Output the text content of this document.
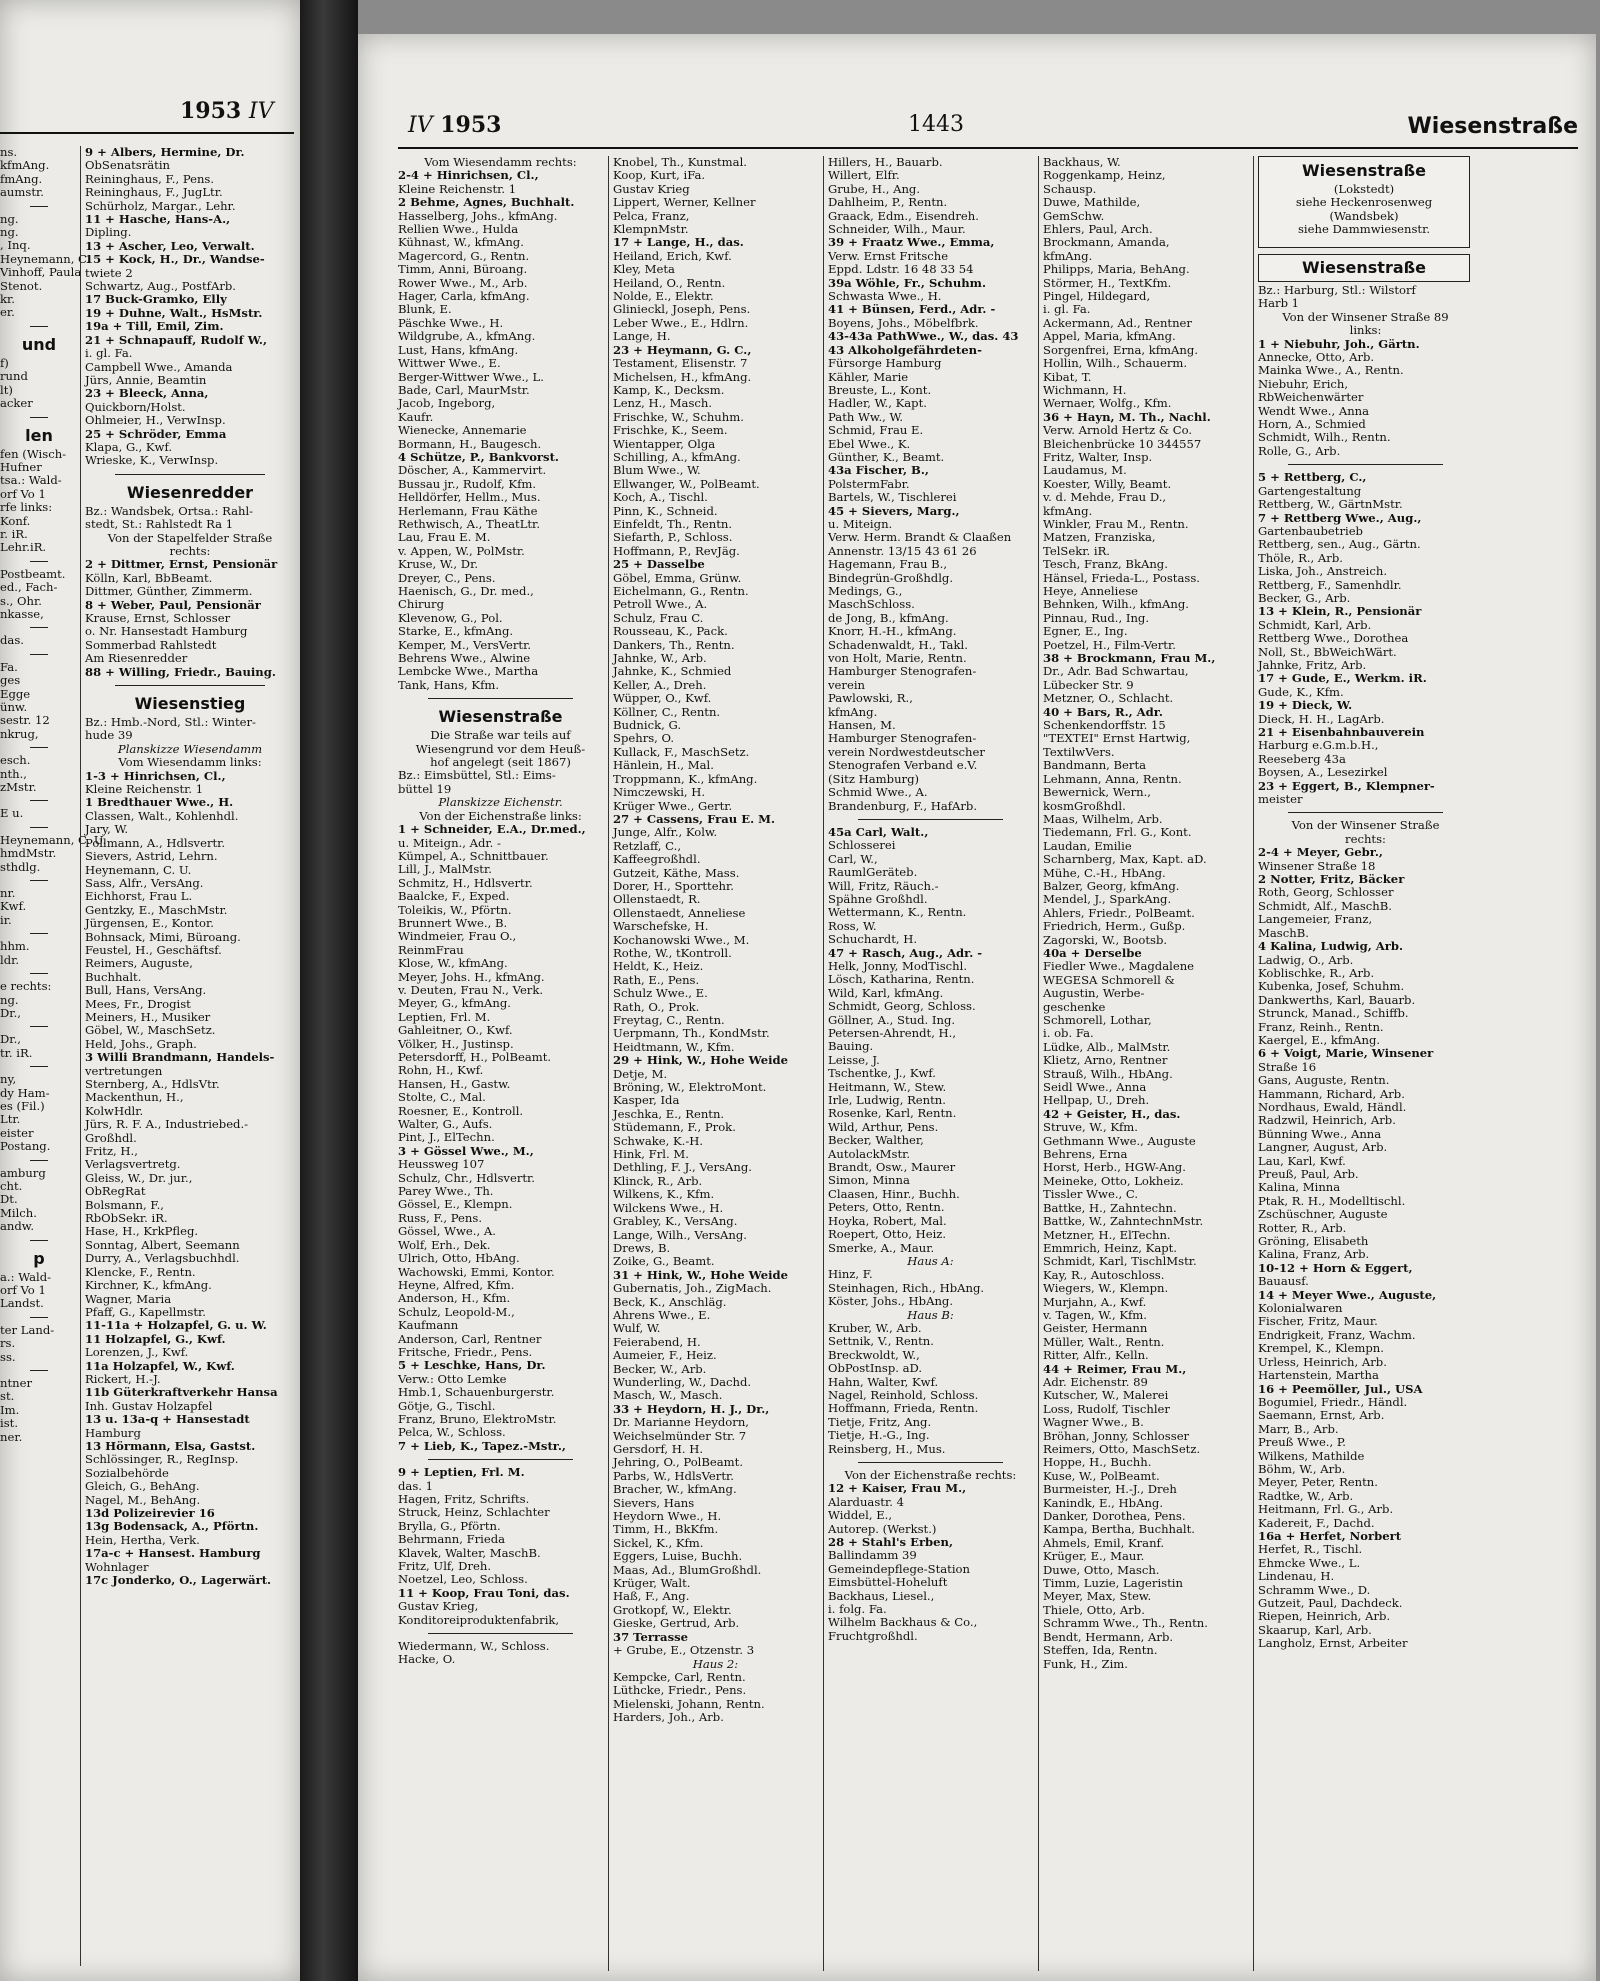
1953 IV
ns.
kfmAng.
fmAng.
aumstr.
ng.
ng.
, Inq.
Heynemann, C.
Vinhoff, Paula
Stenot.
kr.
er.
und
f)
rund
lt)
acker
len
fen (Wisch-
Hufner
tsa.: Wald-
orf Vo 1
rfe links:
Konf.
r. iR.
Lehr.iR.
Postbeamt.
ed., Fach-
s., Ohr.
nkasse,
das.
Fa.
ges
Egge
ünw.
sestr. 12
nkrug,
esch.
nth.,
zMstr.
E u.
Heynemann, C. U.
hmdMstr.
sthdlg.
nr.
Kwf.
ir.
hhm.
ldr.
e rechts:
ng.
Dr.,
Dr.,
tr. iR.
ny,
dy Ham-
es (Fil.)
Ltr.
eister
Postang.
amburg
cht.
Dt.
Milch.
andw.
p
a.: Wald-
orf Vo 1
Landst.
ter Land-
rs.
ss.
ntner
st.
Im.
ist.
ner.
9 + Albers, Hermine, Dr.
ObSenatsrätin
Reininghaus, F., Pens.
Reininghaus, F., JugLtr.
Schürholz, Margar., Lehr.
11 + Hasche, Hans-A.,
Dipling.
13 + Ascher, Leo, Verwalt.
15 + Kock, H., Dr., Wandse-
twiete 2
Schwartz, Aug., PostfArb.
17 Buck-Gramko, Elly
19 + Duhne, Walt., HsMstr.
19a + Till, Emil, Zim.
21 + Schnapauff, Rudolf W.,
i. gl. Fa.
Campbell Wwe., Amanda
Jürs, Annie, Beamtin
23 + Bleeck, Anna,
Quickborn/Holst.
Ohlmeier, H., VerwInsp.
25 + Schröder, Emma
Klapa, G., Kwf.
Wrieske, K., VerwInsp.
Wiesenredder
Bz.: Wandsbek, Ortsa.: Rahl-
stedt, St.: Rahlstedt Ra 1
Von der Stapelfelder Straße
rechts:
2 + Dittmer, Ernst, Pensionär
Kölln, Karl, BbBeamt.
Dittmer, Günther, Zimmerm.
8 + Weber, Paul, Pensionär
Krause, Ernst, Schlosser
o. Nr. Hansestadt Hamburg
Sommerbad Rahlstedt
Am Riesenredder
88 + Willing, Friedr., Bauing.
Wiesenstieg
Bz.: Hmb.-Nord, Stl.: Winter-
hude 39
Planskizze Wiesendamm
Vom Wiesendamm links:
1-3 + Hinrichsen, Cl.,
Kleine Reichenstr. 1
1 Bredthauer Wwe., H.
Classen, Walt., Kohlenhdl.
Jary, W.
Pollmann, A., Hdlsvertr.
Sievers, Astrid, Lehrn.
Heynemann, C. U.
Sass, Alfr., VersAng.
Eichhorst, Frau L.
Gentzky, E., MaschMstr.
Jürgensen, E., Kontor.
Bohnsack, Mimi, Büroang.
Feustel, H., Geschäftsf.
Reimers, Auguste,
Buchhalt.
Bull, Hans, VersAng.
Mees, Fr., Drogist
Meiners, H., Musiker
Göbel, W., MaschSetz.
Held, Johs., Graph.
3 Willi Brandmann, Handels-
vertretungen
Sternberg, A., HdlsVtr.
Mackenthun, H.,
KolwHdlr.
Jürs, R. F. A., Industriebed.-
Großhdl.
Fritz, H.,
Verlagsvertretg.
Gleiss, W., Dr. jur.,
ObRegRat
Bolsmann, F.,
RbObSekr. iR.
Hase, H., KrkPfleg.
Sonntag, Albert, Seemann
Durry, A., Verlagsbuchhdl.
Klencke, F., Rentn.
Kirchner, K., kfmAng.
Wagner, Maria
Pfaff, G., Kapellmstr.
11-11a + Holzapfel, G. u. W.
11 Holzapfel, G., Kwf.
Lorenzen, J., Kwf.
11a Holzapfel, W., Kwf.
Rickert, H.-J.
11b Güterkraftverkehr Hansa
Inh. Gustav Holzapfel
13 u. 13a-q + Hansestadt
Hamburg
13 Hörmann, Elsa, Gastst.
Schlössinger, R., RegInsp.
Sozialbehörde
Gleich, G., BehAng.
Nagel, M., BehAng.
13d Polizeirevier 16
13g Bodensack, A., Pförtn.
Hein, Hertha, Verk.
17a-c + Hansest. Hamburg
Wohnlager
17c Jonderko, O., Lagerwärt.
IV 1953	1443	Wiesenstraße
Vom Wiesendamm rechts:
2-4 + Hinrichsen, Cl.,
Kleine Reichenstr. 1
2 Behme, Agnes, Buchhalt.
Hasselberg, Johs., kfmAng.
Rellien Wwe., Hulda
Kühnast, W., kfmAng.
Magercord, G., Rentn.
Timm, Anni, Büroang.
Rower Wwe., M., Arb.
Hager, Carla, kfmAng.
Blunk, E.
Päschke Wwe., H.
Wildgrube, A., kfmAng.
Lust, Hans, kfmAng.
Wittwer Wwe., E.
Berger-Wittwer Wwe., L.
Bade, Carl, MaurMstr.
Jacob, Ingeborg,
Kaufr.
Wienecke, Annemarie
Bormann, H., Baugesch.
4 Schütze, P., Bankvorst.
Döscher, A., Kammervirt.
Bussau jr., Rudolf, Kfm.
Helldörfer, Hellm., Mus.
Herlemann, Frau Käthe
Rethwisch, A., TheatLtr.
Lau, Frau E. M.
v. Appen, W., PolMstr.
Kruse, W., Dr.
Dreyer, C., Pens.
Haenisch, G., Dr. med.,
Chirurg
Klevenow, G., Pol.
Starke, E., kfmAng.
Kemper, M., VersVertr.
Behrens Wwe., Alwine
Lembcke Wwe., Martha
Tank, Hans, Kfm.
Wiesenstraße
Die Straße war teils auf
Wiesengrund vor dem Heuß-
hof angelegt (seit 1867)
Bz.: Eimsbüttel, Stl.: Eims-
büttel 19
Planskizze Eichenstr.
Von der Eichenstraße links:
1 + Schneider, E.A., Dr.med.,
u. Miteign., Adr. -
Kümpel, A., Schnittbauer.
Lill, J., MalMstr.
Schmitz, H., Hdlsvertr.
Baalcke, F., Exped.
Toleikis, W., Pförtn.
Brunnert Wwe., B.
Windmeier, Frau O.,
ReinmFrau
Klose, W., kfmAng.
Meyer, Johs. H., kfmAng.
v. Deuten, Frau N., Verk.
Meyer, G., kfmAng.
Leptien, Frl. M.
Gahleitner, O., Kwf.
Völker, H., Justinsp.
Petersdorff, H., PolBeamt.
Rohn, H., Kwf.
Hansen, H., Gastw.
Stolte, C., Mal.
Roesner, E., Kontroll.
Walter, G., Aufs.
Pint, J., ElTechn.
3 + Gössel Wwe., M.,
Heussweg 107
Schulz, Chr., Hdlsvertr.
Parey Wwe., Th.
Gössel, E., Klempn.
Russ, F., Pens.
Gössel, Wwe., A.
Wolf, Erh., Dek.
Ulrich, Otto, HbAng.
Wachowski, Emmi, Kontor.
Heyne, Alfred, Kfm.
Anderson, H., Kfm.
Schulz, Leopold-M.,
Kaufmann
Anderson, Carl, Rentner
Fritsche, Friedr., Pens.
5 + Leschke, Hans, Dr.
Verw.: Otto Lemke
Hmb.1, Schauenburgerstr.
Götje, G., Tischl.
Franz, Bruno, ElektroMstr.
Pelca, W., Schloss.
7 + Lieb, K., Tapez.-Mstr.,
9 + Leptien, Frl. M.
das. 1
Hagen, Fritz, Schrifts.
Struck, Heinz, Schlachter
Brylla, G., Pförtn.
Behrmann, Frieda
Klavek, Walter, MaschB.
Fritz, Ulf, Dreh.
Noetzel, Leo, Schloss.
11 + Koop, Frau Toni, das.
Gustav Krieg,
Konditoreiproduktenfabrik,
Wiedermann, W., Schloss.
Hacke, O.
Knobel, Th., Kunstmal.
Koop, Kurt, iFa.
Gustav Krieg
Lippert, Werner, Kellner
Pelca, Franz,
KlempnMstr.
17 + Lange, H., das.
Heiland, Erich, Kwf.
Kley, Meta
Heiland, O., Rentn.
Nolde, E., Elektr.
Glinieckl, Joseph, Pens.
Leber Wwe., E., Hdlrn.
Lange, H.
23 + Heymann, G. C.,
Testament, Elisenstr. 7
Michelsen, H., kfmAng.
Kamp, K., Decksm.
Lenz, H., Masch.
Frischke, W., Schuhm.
Frischke, K., Seem.
Wientapper, Olga
Schilling, A., kfmAng.
Blum Wwe., W.
Ellwanger, W., PolBeamt.
Koch, A., Tischl.
Pinn, K., Schneid.
Einfeldt, Th., Rentn.
Siefarth, P., Schloss.
Hoffmann, P., RevJäg.
25 + Dasselbe
Göbel, Emma, Grünw.
Eichelmann, G., Rentn.
Petroll Wwe., A.
Schulz, Frau C.
Rousseau, K., Pack.
Dankers, Th., Rentn.
Jahnke, W., Arb.
Jahnke, K., Schmied
Keller, A., Dreh.
Wüpper, O., Kwf.
Köllner, C., Rentn.
Budnick, G.
Spehrs, O.
Kullack, F., MaschSetz.
Hänlein, H., Mal.
Troppmann, K., kfmAng.
Nimczewski, H.
Krüger Wwe., Gertr.
27 + Cassens, Frau E. M.
Junge, Alfr., Kolw.
Retzlaff, C.,
Kaffeegroßhdl.
Gutzeit, Käthe, Mass.
Dorer, H., Sporttehr.
Ollenstaedt, R.
Ollenstaedt, Anneliese
Warschefske, H.
Kochanowski Wwe., M.
Rothe, W., tKontroll.
Heldt, K., Heiz.
Rath, E., Pens.
Schulz Wwe., E.
Rath, O., Prok.
Freytag, C., Rentn.
Uerpmann, Th., KondMstr.
Heidtmann, W., Kfm.
29 + Hink, W., Hohe Weide
Detje, M.
Bröning, W., ElektroMont.
Kasper, Ida
Jeschka, E., Rentn.
Stüdemann, F., Prok.
Schwake, K.-H.
Hink, Frl. M.
Dethling, F. J., VersAng.
Klinck, R., Arb.
Wilkens, K., Kfm.
Wilckens Wwe., H.
Grabley, K., VersAng.
Lange, Wilh., VersAng.
Drews, B.
Zoike, G., Beamt.
31 + Hink, W., Hohe Weide
Gubernatis, Joh., ZigMach.
Beck, K., Anschläg.
Ahrens Wwe., E.
Wulf, W.
Feierabend, H.
Aumeier, F., Heiz.
Becker, W., Arb.
Wunderling, W., Dachd.
Masch, W., Masch.
33 + Heydorn, H. J., Dr.,
Dr. Marianne Heydorn,
Weichselmünder Str. 7
Gersdorf, H. H.
Jehring, O., PolBeamt.
Parbs, W., HdlsVertr.
Bracher, W., kfmAng.
Sievers, Hans
Heydorn Wwe., H.
Timm, H., BkKfm.
Sickel, K., Kfm.
Eggers, Luise, Buchh.
Maas, Ad., BlumGroßhdl.
Krüger, Walt.
Haß, F., Ang.
Grotkopf, W., Elektr.
Gieske, Gertrud, Arb.
37 Terrasse
+ Grube, E., Otzenstr. 3
Haus 2:
Kempcke, Carl, Rentn.
Lüthcke, Friedr., Pens.
Mielenski, Johann, Rentn.
Harders, Joh., Arb.
Hillers, H., Bauarb.
Willert, Elfr.
Grube, H., Ang.
Dahlheim, P., Rentn.
Graack, Edm., Eisendreh.
Schneider, Wilh., Maur.
39 + Fraatz Wwe., Emma,
Verw. Ernst Fritsche
Eppd. Ldstr. 16 48 33 54
39a Wöhle, Fr., Schuhm.
Schwasta Wwe., H.
41 + Bünsen, Ferd., Adr. -
Boyens, Johs., Möbelfbrk.
43-43a PathWwe., W., das. 43
43 Alkoholgefährdeten-
Fürsorge Hamburg
Kähler, Marie
Breuste, L., Kont.
Hadler, W., Kapt.
Path Ww., W.
Schmid, Frau E.
Ebel Wwe., K.
Günther, K., Beamt.
43a Fischer, B.,
PolstermFabr.
Bartels, W., Tischlerei
45 + Sievers, Marg.,
u. Miteign.
Verw. Herm. Brandt & Claaßen
Annenstr. 13/15 43 61 26
Hagemann, Frau B.,
Bindegrün-Großhdlg.
Medings, G.,
MaschSchloss.
de Jong, B., kfmAng.
Knorr, H.-H., kfmAng.
Schadenwaldt, H., Takl.
von Holt, Marie, Rentn.
Hamburger Stenografen-
verein
Pawlowski, R.,
kfmAng.
Hansen, M.
Hamburger Stenografen-
verein Nordwestdeutscher
Stenografen Verband e.V.
(Sitz Hamburg)
Schmid Wwe., A.
Brandenburg, F., HafArb.
45a Carl, Walt.,
Schlosserei
Carl, W.,
RaumlGeräteb.
Will, Fritz, Räuch.-
Spähne Großhdl.
Wettermann, K., Rentn.
Ross, W.
Schuchardt, H.
47 + Rasch, Aug., Adr. -
Helk, Jonny, ModTischl.
Lösch, Katharina, Rentn.
Wild, Karl, kfmAng.
Schmidt, Georg, Schloss.
Göllner, A., Stud. Ing.
Petersen-Ahrendt, H.,
Bauing.
Leisse, J.
Tschentke, J., Kwf.
Heitmann, W., Stew.
Irle, Ludwig, Rentn.
Rosenke, Karl, Rentn.
Wild, Arthur, Pens.
Becker, Walther,
AutolackMstr.
Brandt, Osw., Maurer
Simon, Minna
Claasen, Hinr., Buchh.
Peters, Otto, Rentn.
Hoyka, Robert, Mal.
Roepert, Otto, Heiz.
Smerke, A., Maur.
Haus A:
Hinz, F.
Steinhagen, Rich., HbAng.
Köster, Johs., HbAng.
Haus B:
Kruber, W., Arb.
Settnik, V., Rentn.
Breckwoldt, W.,
ObPostInsp. aD.
Hahn, Walter, Kwf.
Nagel, Reinhold, Schloss.
Hoffmann, Frieda, Rentn.
Tietje, Fritz, Ang.
Tietje, H.-G., Ing.
Reinsberg, H., Mus.
Von der Eichenstraße rechts:
12 + Kaiser, Frau M.,
Alarduastr. 4
Widdel, E.,
Autorep. (Werkst.)
28 + Stahl's Erben,
Ballindamm 39
Gemeindepflege-Station
Eimsbüttel-Hoheluft
Backhaus, Liesel.,
i. folg. Fa.
Wilhelm Backhaus & Co.,
Fruchtgroßhdl.
Backhaus, W.
Roggenkamp, Heinz,
Schausp.
Duwe, Mathilde,
GemSchw.
Ehlers, Paul, Arch.
Brockmann, Amanda,
kfmAng.
Philipps, Maria, BehAng.
Störmer, H., TextKfm.
Pingel, Hildegard,
i. gl. Fa.
Ackermann, Ad., Rentner
Appel, Maria, kfmAng.
Sorgenfrei, Erna, kfmAng.
Hollin, Wilh., Schauerm.
Kibat, T.
Wichmann, H.
Wernaer, Wolfg., Kfm.
36 + Hayn, M. Th., Nachl.
Verw. Arnold Hertz & Co.
Bleichenbrücke 10 344557
Fritz, Walter, Insp.
Laudamus, M.
Koester, Willy, Beamt.
v. d. Mehde, Frau D.,
kfmAng.
Winkler, Frau M., Rentn.
Matzen, Franziska,
TelSekr. iR.
Tesch, Franz, BkAng.
Hänsel, Frieda-L., Postass.
Heye, Anneliese
Behnken, Wilh., kfmAng.
Pinnau, Rud., Ing.
Egner, E., Ing.
Poetzel, H., Film-Vertr.
38 + Brockmann, Frau M.,
Dr., Adr. Bad Schwartau,
Lübecker Str. 9
Metzner, O., Schlacht.
40 + Bars, R., Adr.
Schenkendorffstr. 15
"TEXTEI" Ernst Hartwig,
TextilwVers.
Bandmann, Berta
Lehmann, Anna, Rentn.
Bewernick, Wern.,
kosmGroßhdl.
Maas, Wilhelm, Arb.
Tiedemann, Frl. G., Kont.
Laudan, Emilie
Scharnberg, Max, Kapt. aD.
Mühe, C.-H., HbAng.
Balzer, Georg, kfmAng.
Mendel, J., SparkAng.
Ahlers, Friedr., PolBeamt.
Friedrich, Herm., Gußp.
Zagorski, W., Bootsb.
40a + Derselbe
Fiedler Wwe., Magdalene
WEGESA Schmorell &
Augustin, Werbe-
geschenke
Schmorell, Lothar,
i. ob. Fa.
Lüdke, Alb., MalMstr.
Klietz, Arno, Rentner
Strauß, Wilh., HbAng.
Seidl Wwe., Anna
Hellpap, U., Dreh.
42 + Geister, H., das.
Struve, W., Kfm.
Gethmann Wwe., Auguste
Behrens, Erna
Horst, Herb., HGW-Ang.
Meineke, Otto, Lokheiz.
Tissler Wwe., C.
Battke, H., Zahntechn.
Battke, W., ZahntechnMstr.
Metzner, H., ElTechn.
Emmrich, Heinz, Kapt.
Schmidt, Karl, TischlMstr.
Kay, R., Autoschloss.
Wiegers, W., Klempn.
Murjahn, A., Kwf.
v. Tagen, W., Kfm.
Geister, Hermann
Müller, Walt., Rentn.
Ritter, Alfr., Kelln.
44 + Reimer, Frau M.,
Adr. Eichenstr. 89
Kutscher, W., Malerei
Loss, Rudolf, Tischler
Wagner Wwe., B.
Bröhan, Jonny, Schlosser
Reimers, Otto, MaschSetz.
Hoppe, H., Buchh.
Kuse, W., PolBeamt.
Burmeister, H.-J., Dreh
Kanindk, E., HbAng.
Danker, Dorothea, Pens.
Kampa, Bertha, Buchhalt.
Ahmels, Emil, Kranf.
Krüger, E., Maur.
Duwe, Otto, Masch.
Timm, Luzie, Lageristin
Meyer, Max, Stew.
Thiele, Otto, Arb.
Schramm Wwe., Th., Rentn.
Bendt, Hermann, Arb.
Steffen, Ida, Rentn.
Funk, H., Zim.
Wiesenstraße
(Lokstedt)
siehe Heckenrosenweg
(Wandsbek)
siehe Dammwiesenstr.
Wiesenstraße
Bz.: Harburg, Stl.: Wilstorf
Harb 1
Von der Winsener Straße 89
links:
1 + Niebuhr, Joh., Gärtn.
Annecke, Otto, Arb.
Mainka Wwe., A., Rentn.
Niebuhr, Erich,
RbWeichenwärter
Wendt Wwe., Anna
Horn, A., Schmied
Schmidt, Wilh., Rentn.
Rolle, G., Arb.
5 + Rettberg, C.,
Gartengestaltung
Rettberg, W., GärtnMstr.
7 + Rettberg Wwe., Aug.,
Gartenbaubetrieb
Rettberg, sen., Aug., Gärtn.
Thöle, R., Arb.
Liska, Joh., Anstreich.
Rettberg, F., Samenhdlr.
Becker, G., Arb.
13 + Klein, R., Pensionär
Schmidt, Karl, Arb.
Rettberg Wwe., Dorothea
Noll, St., BbWeichWärt.
Jahnke, Fritz, Arb.
17 + Gude, E., Werkm. iR.
Gude, K., Kfm.
19 + Dieck, W.
Dieck, H. H., LagArb.
21 + Eisenbahnbauverein
Harburg e.G.m.b.H.,
Reeseberg 43a
Boysen, A., Lesezirkel
23 + Eggert, B., Klempner-
meister
Von der Winsener Straße
rechts:
2-4 + Meyer, Gebr.,
Winsener Straße 18
2 Notter, Fritz, Bäcker
Roth, Georg, Schlosser
Schmidt, Alf., MaschB.
Langemeier, Franz,
MaschB.
4 Kalina, Ludwig, Arb.
Ladwig, O., Arb.
Koblischke, R., Arb.
Kubenka, Josef, Schuhm.
Dankwerths, Karl, Bauarb.
Strunck, Manad., Schiffb.
Franz, Reinh., Rentn.
Kaergel, E., kfmAng.
6 + Voigt, Marie, Winsener
Straße 16
Gans, Auguste, Rentn.
Hammann, Richard, Arb.
Nordhaus, Ewald, Händl.
Radzwil, Heinrich, Arb.
Bünning Wwe., Anna
Langner, August, Arb.
Lau, Karl, Kwf.
Preuß, Paul, Arb.
Kalina, Minna
Ptak, R. H., Modelltischl.
Zschüschner, Auguste
Rotter, R., Arb.
Gröning, Elisabeth
Kalina, Franz, Arb.
10-12 + Horn & Eggert,
Bauausf.
14 + Meyer Wwe., Auguste,
Kolonialwaren
Fischer, Fritz, Maur.
Endrigkeit, Franz, Wachm.
Krempel, K., Klempn.
Urless, Heinrich, Arb.
Hartenstein, Martha
16 + Peemöller, Jul., USA
Bogumiel, Friedr., Händl.
Saemann, Ernst, Arb.
Marr, B., Arb.
Preuß Wwe., P.
Wilkens, Mathilde
Böhm, W., Arb.
Meyer, Peter, Rentn.
Radtke, W., Arb.
Heitmann, Frl. G., Arb.
Kadereit, F., Dachd.
16a + Herfet, Norbert
Herfet, R., Tischl.
Ehmcke Wwe., L.
Lindenau, H.
Schramm Wwe., D.
Gutzeit, Paul, Dachdeck.
Riepen, Heinrich, Arb.
Skaarup, Karl, Arb.
Langholz, Ernst, Arbeiter
